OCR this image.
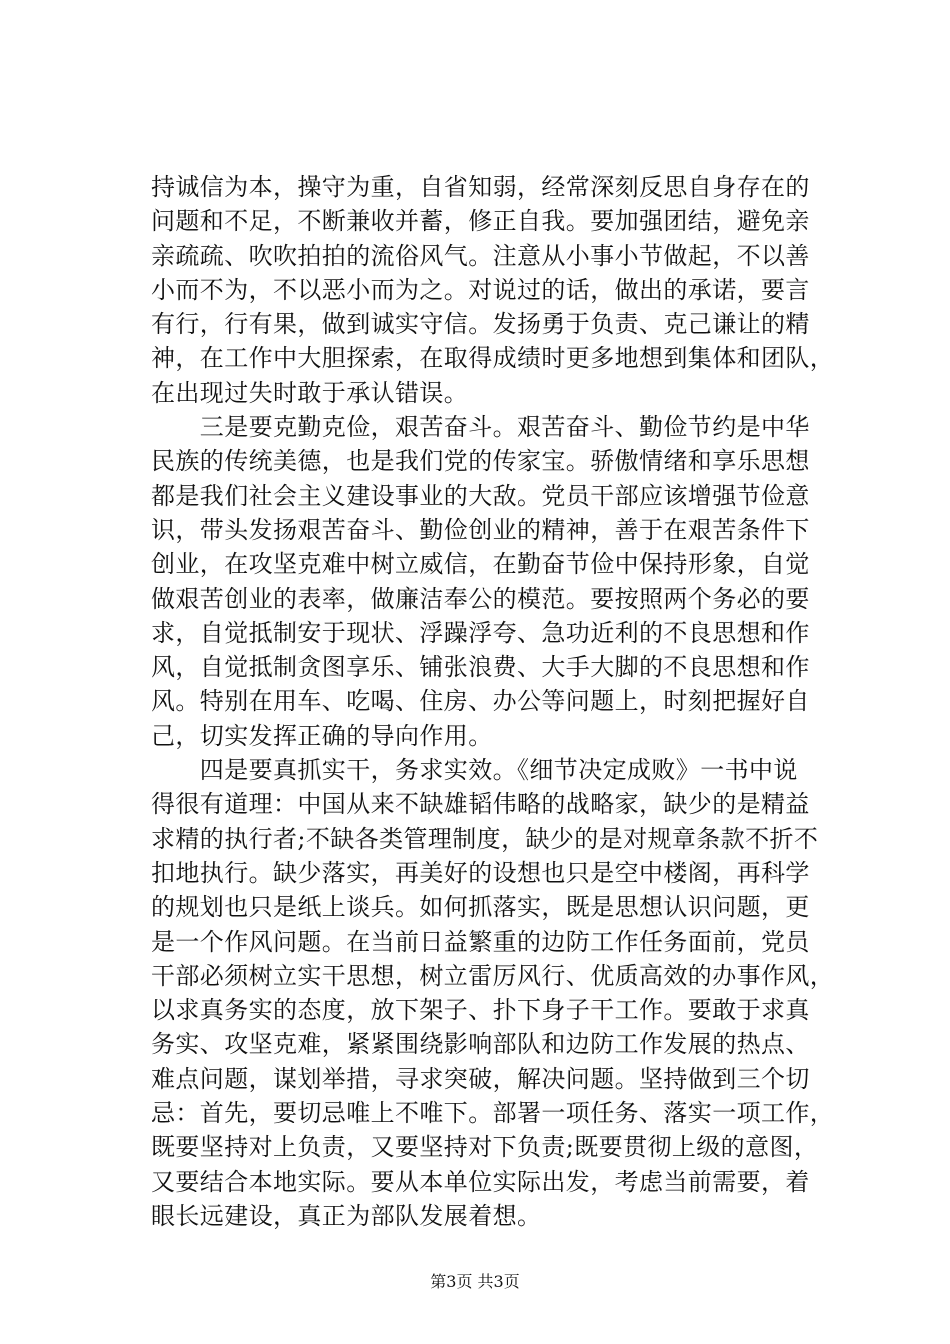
持诚信为本，操守为重，自省知弱，经常深刻反思自身存在的
问题和不足，不断兼收并蓄，修正自我。要加强团结，避免亲
亲疏疏、吹吹拍拍的流俗风气。注意从小事小节做起，不以善
小而不为，不以恶小而为之。对说过的话，做出的承诺，要言
有行，行有果，做到诚实守信。发扬勇于负责、克己谦让的精
神，在工作中大胆探索，在取得成绩时更多地想到集体和团队，
在出现过失时敢于承认错误。
　　三是要克勤克俭，艰苦奋斗。艰苦奋斗、勤俭节约是中华
民族的传统美德，也是我们党的传家宝。骄傲情绪和享乐思想
都是我们社会主义建设事业的大敌。党员干部应该增强节俭意
识，带头发扬艰苦奋斗、勤俭创业的精神，善于在艰苦条件下
创业，在攻坚克难中树立威信，在勤奋节俭中保持形象，自觉
做艰苦创业的表率，做廉洁奉公的模范。要按照两个务必的要
求，自觉抵制安于现状、浮躁浮夸、急功近利的不良思想和作
风，自觉抵制贪图享乐、铺张浪费、大手大脚的不良思想和作
风。特别在用车、吃喝、住房、办公等问题上，时刻把握好自
己，切实发挥正确的导向作用。
　　四是要真抓实干，务求实效。《细节决定成败》一书中说
得很有道理：中国从来不缺雄韬伟略的战略家，缺少的是精益
求精的执行者;不缺各类管理制度，缺少的是对规章条款不折不
扣地执行。缺少落实，再美好的设想也只是空中楼阁，再科学
的规划也只是纸上谈兵。如何抓落实，既是思想认识问题，更
是一个作风问题。在当前日益繁重的边防工作任务面前，党员
干部必须树立实干思想，树立雷厉风行、优质高效的办事作风，
以求真务实的态度，放下架子、扑下身子干工作。要敢于求真
务实、攻坚克难，紧紧围绕影响部队和边防工作发展的热点、
难点问题，谋划举措，寻求突破，解决问题。坚持做到三个切
忌：首先，要切忌唯上不唯下。部署一项任务、落实一项工作，
既要坚持对上负责，又要坚持对下负责;既要贯彻上级的意图，
又要结合本地实际。要从本单位实际出发，考虑当前需要，着
眼长远建设，真正为部队发展着想。
第3页 共3页
